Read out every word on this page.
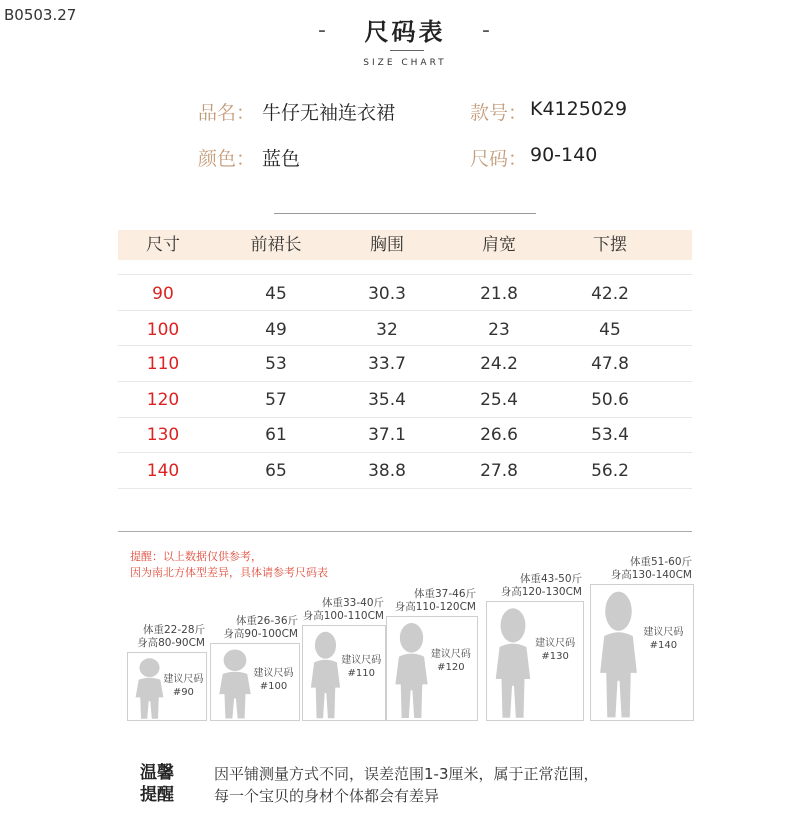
B0503.27
-	尺码表	-
SIZE CHART
品名： 牛仔无袖连衣裙	款号： K4125029
颜色： 蓝色	尺码： 90-140
尺寸	前裙长	胸围	肩宽	下摆
90	45	30.3	21.8	42.2
100	49	32	23	45
110	53	33.7	24.2	47.8
120	57	35.4	25.4	50.6
130	61	37.1	26.6	53.4
140	65	38.8	27.8	56.2
提醒：以上数据仅供参考，
因为南北方体型差异，具体请参考尺码表
建议尺码
#90
体重22-28斤
身高80-90CM
建议尺码
#100
体重26-36斤
身高90-100CM
建议尺码
#110
体重33-40斤
身高100-110CM
建议尺码
#120
体重37-46斤
身高110-120CM
建议尺码
#130
体重43-50斤
身高120-130CM
建议尺码
#140
体重51-60斤
身高130-140CM
温馨
提醒
因平铺测量方式不同，误差范围1-3厘米，属于正常范围，
每一个宝贝的身材个体都会有差异
